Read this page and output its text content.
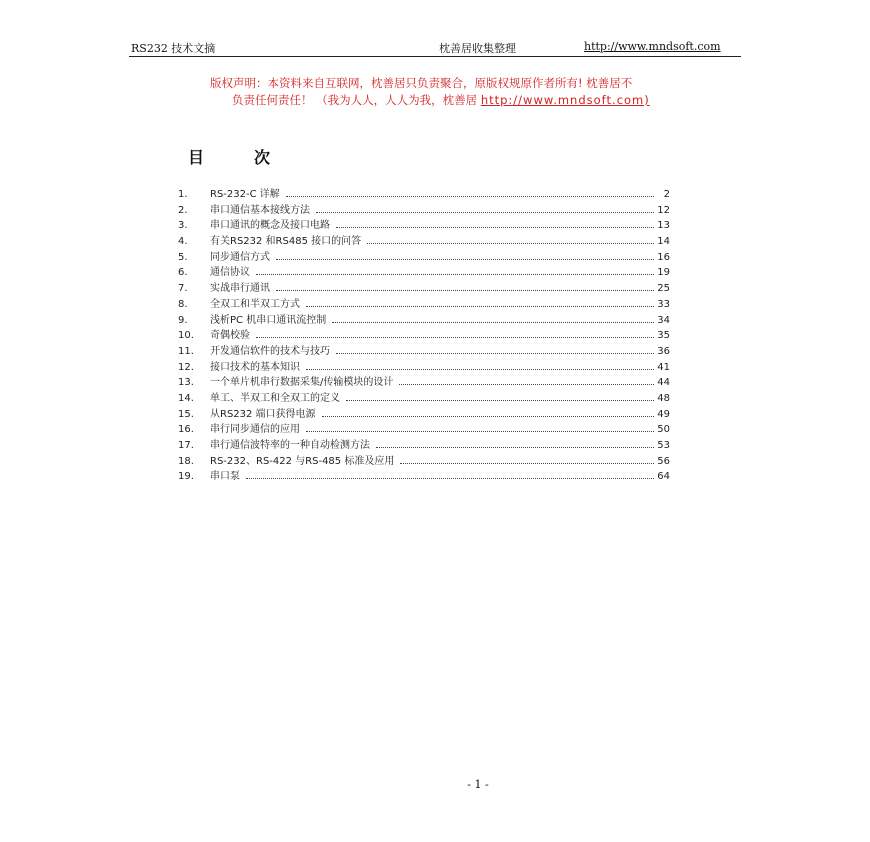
RS232 技术文摘	枕善居收集整理	http://www.mndsoft.com
版权声明：本资料来自互联网，枕善居只负责聚合，原版权规原作者所有! 枕善居不
负责任何责任！ （我为人人，人人为我，枕善居 http://www.mndsoft.com)
目	次
1.	RS-232-C 详解	2
2.	串口通信基本接线方法	12
3.	串口通讯的概念及接口电路	13
4.	有关RS232 和RS485 接口的问答	14
5.	同步通信方式	16
6.	通信协议	19
7.	实战串行通讯	25
8.	全双工和半双工方式	33
9.	浅析PC 机串口通讯流控制	34
10.	奇偶校验	35
11.	开发通信软件的技术与技巧	36
12.	接口技术的基本知识	41
13.	一个单片机串行数据采集/传输模块的设计	44
14.	单工、半双工和全双工的定义	48
15.	从RS232 端口获得电源	49
16.	串行同步通信的应用	50
17.	串行通信波特率的一种自动检测方法	53
18.	RS-232、RS-422 与RS-485 标准及应用	56
19.	串口泵	64
- 1 -
